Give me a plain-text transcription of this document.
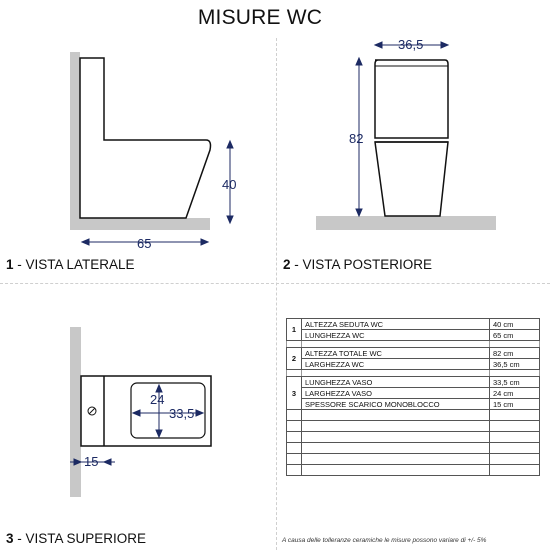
MISURE WC
40
65
1 - VISTA LATERALE
36,5
82
2 - VISTA POSTERIORE
24
33,5
15
3 - VISTA SUPERIORE
1	ALTEZZA SEDUTA WC	40 cm
	LUNGHEZZA WC	65 cm

2	ALTEZZA TOTALE WC	82 cm
	LARGHEZZA WC	36,5 cm

3	LUNGHEZZA VASO	33,5 cm
	LARGHEZZA VASO	24 cm
	SPESSORE SCARICO MONOBLOCCO	15 cm

A causa delle tolleranze ceramiche le misure possono variare di +/- 5%
